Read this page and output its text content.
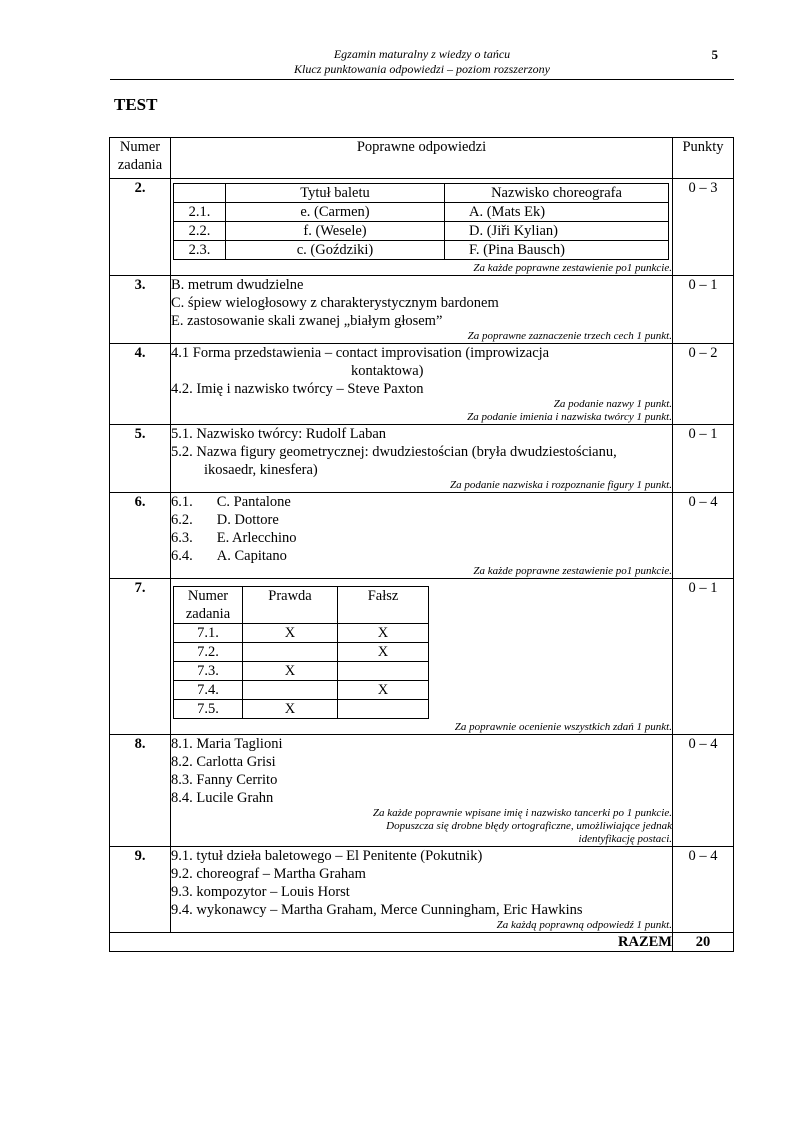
Egzamin maturalny z wiedzy o tańcu
Klucz punktowania odpowiedzi – poziom rozszerzony
5
TEST
Numer
zadania
	Poprawne odpowiedzi	Punkty
2.	
		Tytuł baletu	Nazwisko choreografa
2.1.	e. (Carmen)	A. (Mats Ek)
2.2.	f. (Wesele)	D. (Jiři Kylian)
2.3.	c. (Goździki)	F. (Pina Bausch)
Za każde poprawne zestawienie po1 punkcie.
	0 – 3
3.	B. metrum dwudzielne
C. śpiew wielogłosowy z charakterystycznym bardonem
E. zastosowanie skali zwanej „białym głosem”
Za poprawne zaznaczenie trzech cech 1 punkt.
	0 – 1
4.	4.1 Forma przedstawienia – contact improvisation (improwizacja
kontaktowa)
4.2. Imię i nazwisko twórcy – Steve Paxton
Za podanie nazwy 1 punkt.
Za podanie imienia i nazwiska twórcy 1 punkt.
	0 – 2
5.	5.1. Nazwisko twórcy: Rudolf Laban
5.2. Nazwa figury geometrycznej: dwudziestościan (bryła dwudziestościanu,
ikosaedr, kinesfera)
Za podanie nazwiska i rozpoznanie figury 1 punkt.
	0 – 1
6.	6.1. C. Pantalone
6.2. D. Dottore
6.3. E. Arlecchino
6.4. A. Capitano
Za każde poprawne zestawienie po1 punkcie.
	0 – 4
7.		Numer
zadania
	Prawda	Fałsz
7.1.	X	X
7.2.		X
7.3.	X	
7.4.		X
7.5.	X	
Za poprawnie ocenienie wszystkich zdań 1 punkt.
	0 – 1
8.	8.1. Maria Taglioni
8.2. Carlotta Grisi
8.3. Fanny Cerrito
8.4. Lucile Grahn
Za każde poprawnie wpisane imię i nazwisko tancerki po 1 punkcie.
Dopuszcza się drobne błędy ortograficzne, umożliwiające jednak
identyfikację postaci.
	0 – 4
9.	9.1. tytuł dzieła baletowego – El Penitente (Pokutnik)
9.2. choreograf – Martha Graham
9.3. kompozytor – Louis Horst
9.4. wykonawcy – Martha Graham, Merce Cunningham, Eric Hawkins
Za każdą poprawną odpowiedź 1 punkt.
	0 – 4
RAZEM	20
